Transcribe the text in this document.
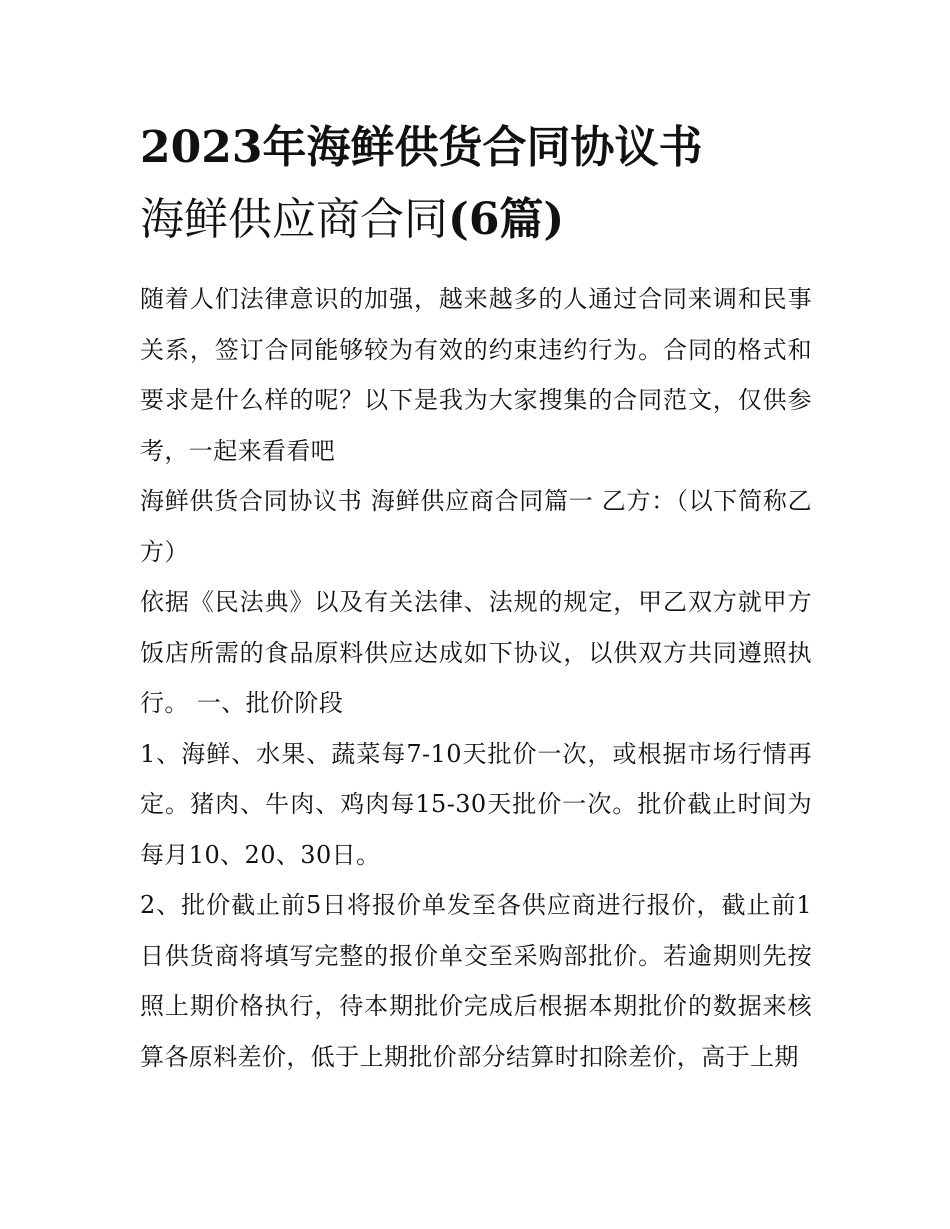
2023年海鲜供货合同协议书
海鲜供应商合同(6篇)

随着人们法律意识的加强，越来越多的人通过合同来调和民事关系，签订合同能够较为有效的约束违约行为。合同的格式和要求是什么样的呢？以下是我为大家搜集的合同范文，仅供参考，一起来看看吧

海鲜供货合同协议书 海鲜供应商合同篇一 乙方：（以下简称乙方）

依据《民法典》以及有关法律、法规的规定，甲乙双方就甲方饭店所需的食品原料供应达成如下协议，以供双方共同遵照执行。 一、批价阶段

1、海鲜、水果、蔬菜每7-10天批价一次，或根据市场行情再定。猪肉、牛肉、鸡肉每15-30天批价一次。批价截止时间为每月10、20、30日。

2、批价截止前5日将报价单发至各供应商进行报价，截止前1日供货商将填写完整的报价单交至采购部批价。若逾期则先按照上期价格执行，待本期批价完成后根据本期批价的数据来核算各原料差价，低于上期批价部分结算时扣除差价，高于上期
